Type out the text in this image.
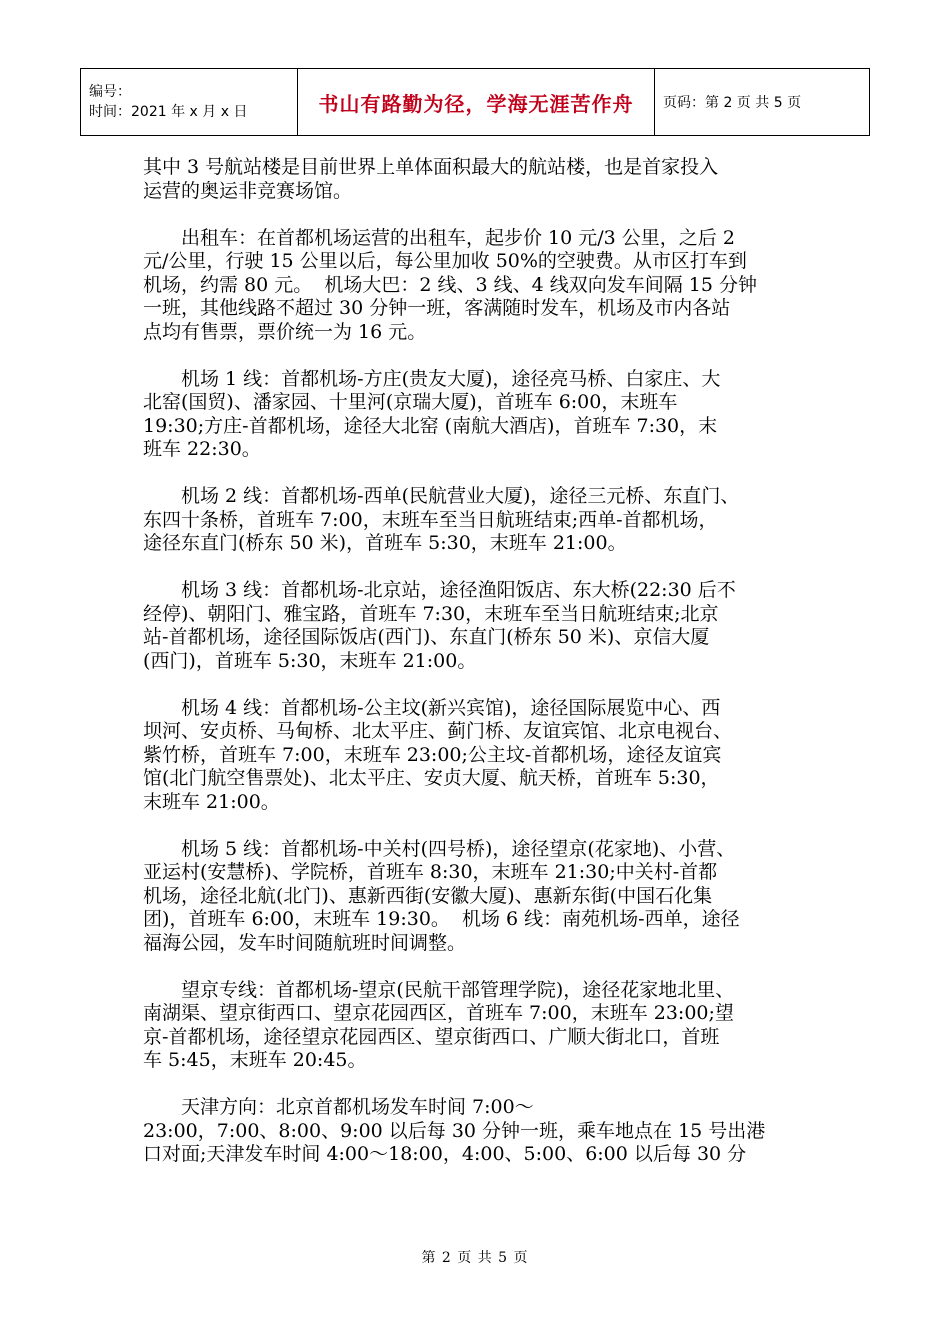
编号：
时间：2021 年 x 月 x 日	书山有路勤为径，学海无涯苦作舟	页码：第 2 页 共 5 页

其中 3 号航站楼是目前世界上单体面积最大的航站楼，也是首家投入
运营的奥运非竞赛场馆。

　　出租车：在首都机场运营的出租车，起步价 10 元/3 公里，之后 2
元/公里，行驶 15 公里以后，每公里加收 50%的空驶费。从市区打车到
机场，约需 80 元。  机场大巴：2 线、3 线、4 线双向发车间隔 15 分钟
一班，其他线路不超过 30 分钟一班，客满随时发车，机场及市内各站
点均有售票，票价统一为 16 元。

　　机场 1 线：首都机场-方庄(贵友大厦)，途径亮马桥、白家庄、大
北窑(国贸)、潘家园、十里河(京瑞大厦)，首班车 6:00，末班车
19:30;方庄-首都机场，途径大北窑 (南航大酒店)，首班车 7:30，末
班车 22:30。

　　机场 2 线：首都机场-西单(民航营业大厦)，途径三元桥、东直门、
东四十条桥，首班车 7:00，末班车至当日航班结束;西单-首都机场，
途径东直门(桥东 50 米)，首班车 5:30，末班车 21:00。

　　机场 3 线：首都机场-北京站，途径渔阳饭店、东大桥(22:30 后不
经停)、朝阳门、雅宝路，首班车 7:30，末班车至当日航班结束;北京
站-首都机场，途径国际饭店(西门)、东直门(桥东 50 米)、京信大厦
(西门)，首班车 5:30，末班车 21:00。

　　机场 4 线：首都机场-公主坟(新兴宾馆)，途径国际展览中心、西
坝河、安贞桥、马甸桥、北太平庄、蓟门桥、友谊宾馆、北京电视台、
紫竹桥，首班车 7:00，末班车 23:00;公主坟-首都机场，途径友谊宾
馆(北门航空售票处)、北太平庄、安贞大厦、航天桥，首班车 5:30，
末班车 21:00。

　　机场 5 线：首都机场-中关村(四号桥)，途径望京(花家地)、小营、
亚运村(安慧桥)、学院桥，首班车 8:30，末班车 21:30;中关村-首都
机场，途径北航(北门)、惠新西街(安徽大厦)、惠新东街(中国石化集
团)，首班车 6:00，末班车 19:30。  机场 6 线：南苑机场-西单，途径
福海公园，发车时间随航班时间调整。

　　望京专线：首都机场-望京(民航干部管理学院)，途径花家地北里、
南湖渠、望京街西口、望京花园西区，首班车 7:00，末班车 23:00;望
京-首都机场，途径望京花园西区、望京街西口、广顺大街北口，首班
车 5:45，末班车 20:45。

　　天津方向：北京首都机场发车时间 7:00～
23:00，7:00、8:00、9:00 以后每 30 分钟一班，乘车地点在 15 号出港
口对面;天津发车时间 4:00～18:00，4:00、5:00、6:00 以后每 30 分

第 2 页 共 5 页
